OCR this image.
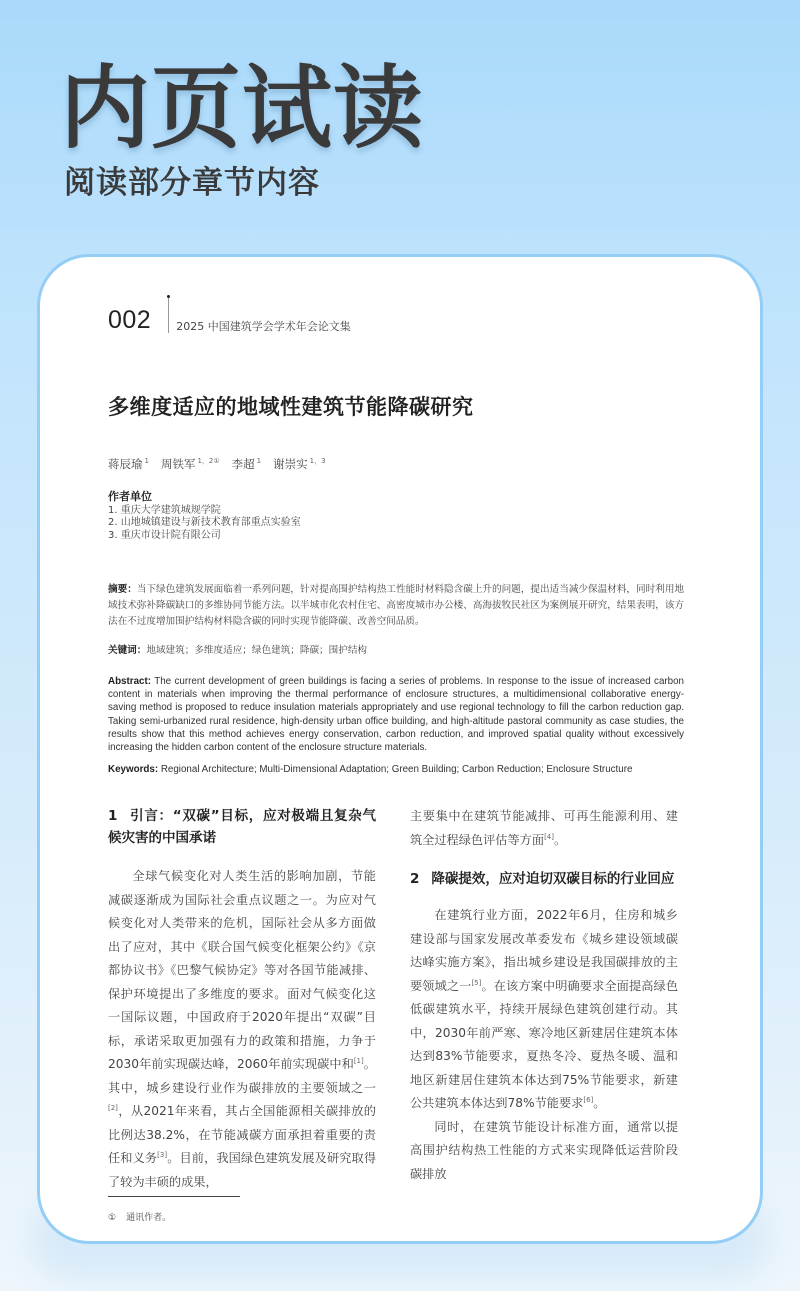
内页试读
阅读部分章节内容
002 2025 中国建筑学会学术年会论文集
多维度适应的地域性建筑节能降碳研究
蒋辰瑜 $^1$ 周铁军 $^{1,2①}$ 李超 $^1$ 谢崇实 $^{1,3}$
作者单位
1. 重庆大学建筑城规学院
2. 山地城镇建设与新技术教育部重点实验室
3. 重庆市设计院有限公司
摘要：当下绿色建筑发展面临着一系列问题，针对提高围护结构热工性能时材料隐含碳上升的问题，提出适当减少保温材料，同时利用地域技术弥补降碳缺口的多维协同节能方法。以半城市化农村住宅、高密度城市办公楼、高海拔牧民社区为案例展开研究，结果表明，该方法在不过度增加围护结构材料隐含碳的同时实现节能降碳、改善空间品质。
关键词：地域建筑；多维度适应；绿色建筑；降碳；围护结构
Abstract: The current development of green buildings is facing a series of problems. In response to the issue of increased carbon content in materials when improving the thermal performance of enclosure structures, a multidimensional collaborative energy-saving method is proposed to reduce insulation materials appropriately and use regional technology to fill the carbon reduction gap. Taking semi-urbanized rural residence, high-density urban office building, and high-altitude pastoral community as case studies, the results show that this method achieves energy conservation, carbon reduction, and improved spatial quality without excessively increasing the hidden carbon content of the enclosure structure materials.
Keywords: Regional Architecture; Multi-Dimensional Adaptation; Green Building; Carbon Reduction; Enclosure Structure
1 引言：“双碳”目标，应对极端且复杂气候灾害的中国承诺
全球气候变化对人类生活的影响加剧，节能减碳逐渐成为国际社会重点议题之一。为应对气候变化对人类带来的危机，国际社会从多方面做出了应对，其中《联合国气候变化框架公约》《京都协议书》《巴黎气候协定》等对各国节能减排、保护环境提出了多维度的要求。面对气候变化这一国际议题，中国政府于2020年提出“双碳”目标，承诺采取更加强有力的政策和措施，力争于2030年前实现碳达峰，2060年前实现碳中和[1]。其中，城乡建设行业作为碳排放的主要领域之一[2]，从2021年来看，其占全国能源相关碳排放的比例达38.2%，在节能减碳方面承担着重要的责任和义务[3]。目前，我国绿色建筑发展及研究取得了较为丰硕的成果，
主要集中在建筑节能减排、可再生能源利用、建筑全过程绿色评估等方面[4]。
2 降碳提效，应对迫切双碳目标的行业回应
在建筑行业方面，2022年6月，住房和城乡建设部与国家发展改革委发布《城乡建设领域碳达峰实施方案》，指出城乡建设是我国碳排放的主要领域之一[5]。在该方案中明确要求全面提高绿色低碳建筑水平，持续开展绿色建筑创建行动。其中，2030年前严寒、寒冷地区新建居住建筑本体达到83%节能要求，夏热冬冷、夏热冬暖、温和地区新建居住建筑本体达到75%节能要求，新建公共建筑本体达到78%节能要求[6]。
同时，在建筑节能设计标准方面，通常以提高围护结构热工性能的方式来实现降低运营阶段碳排放
① 通讯作者。
